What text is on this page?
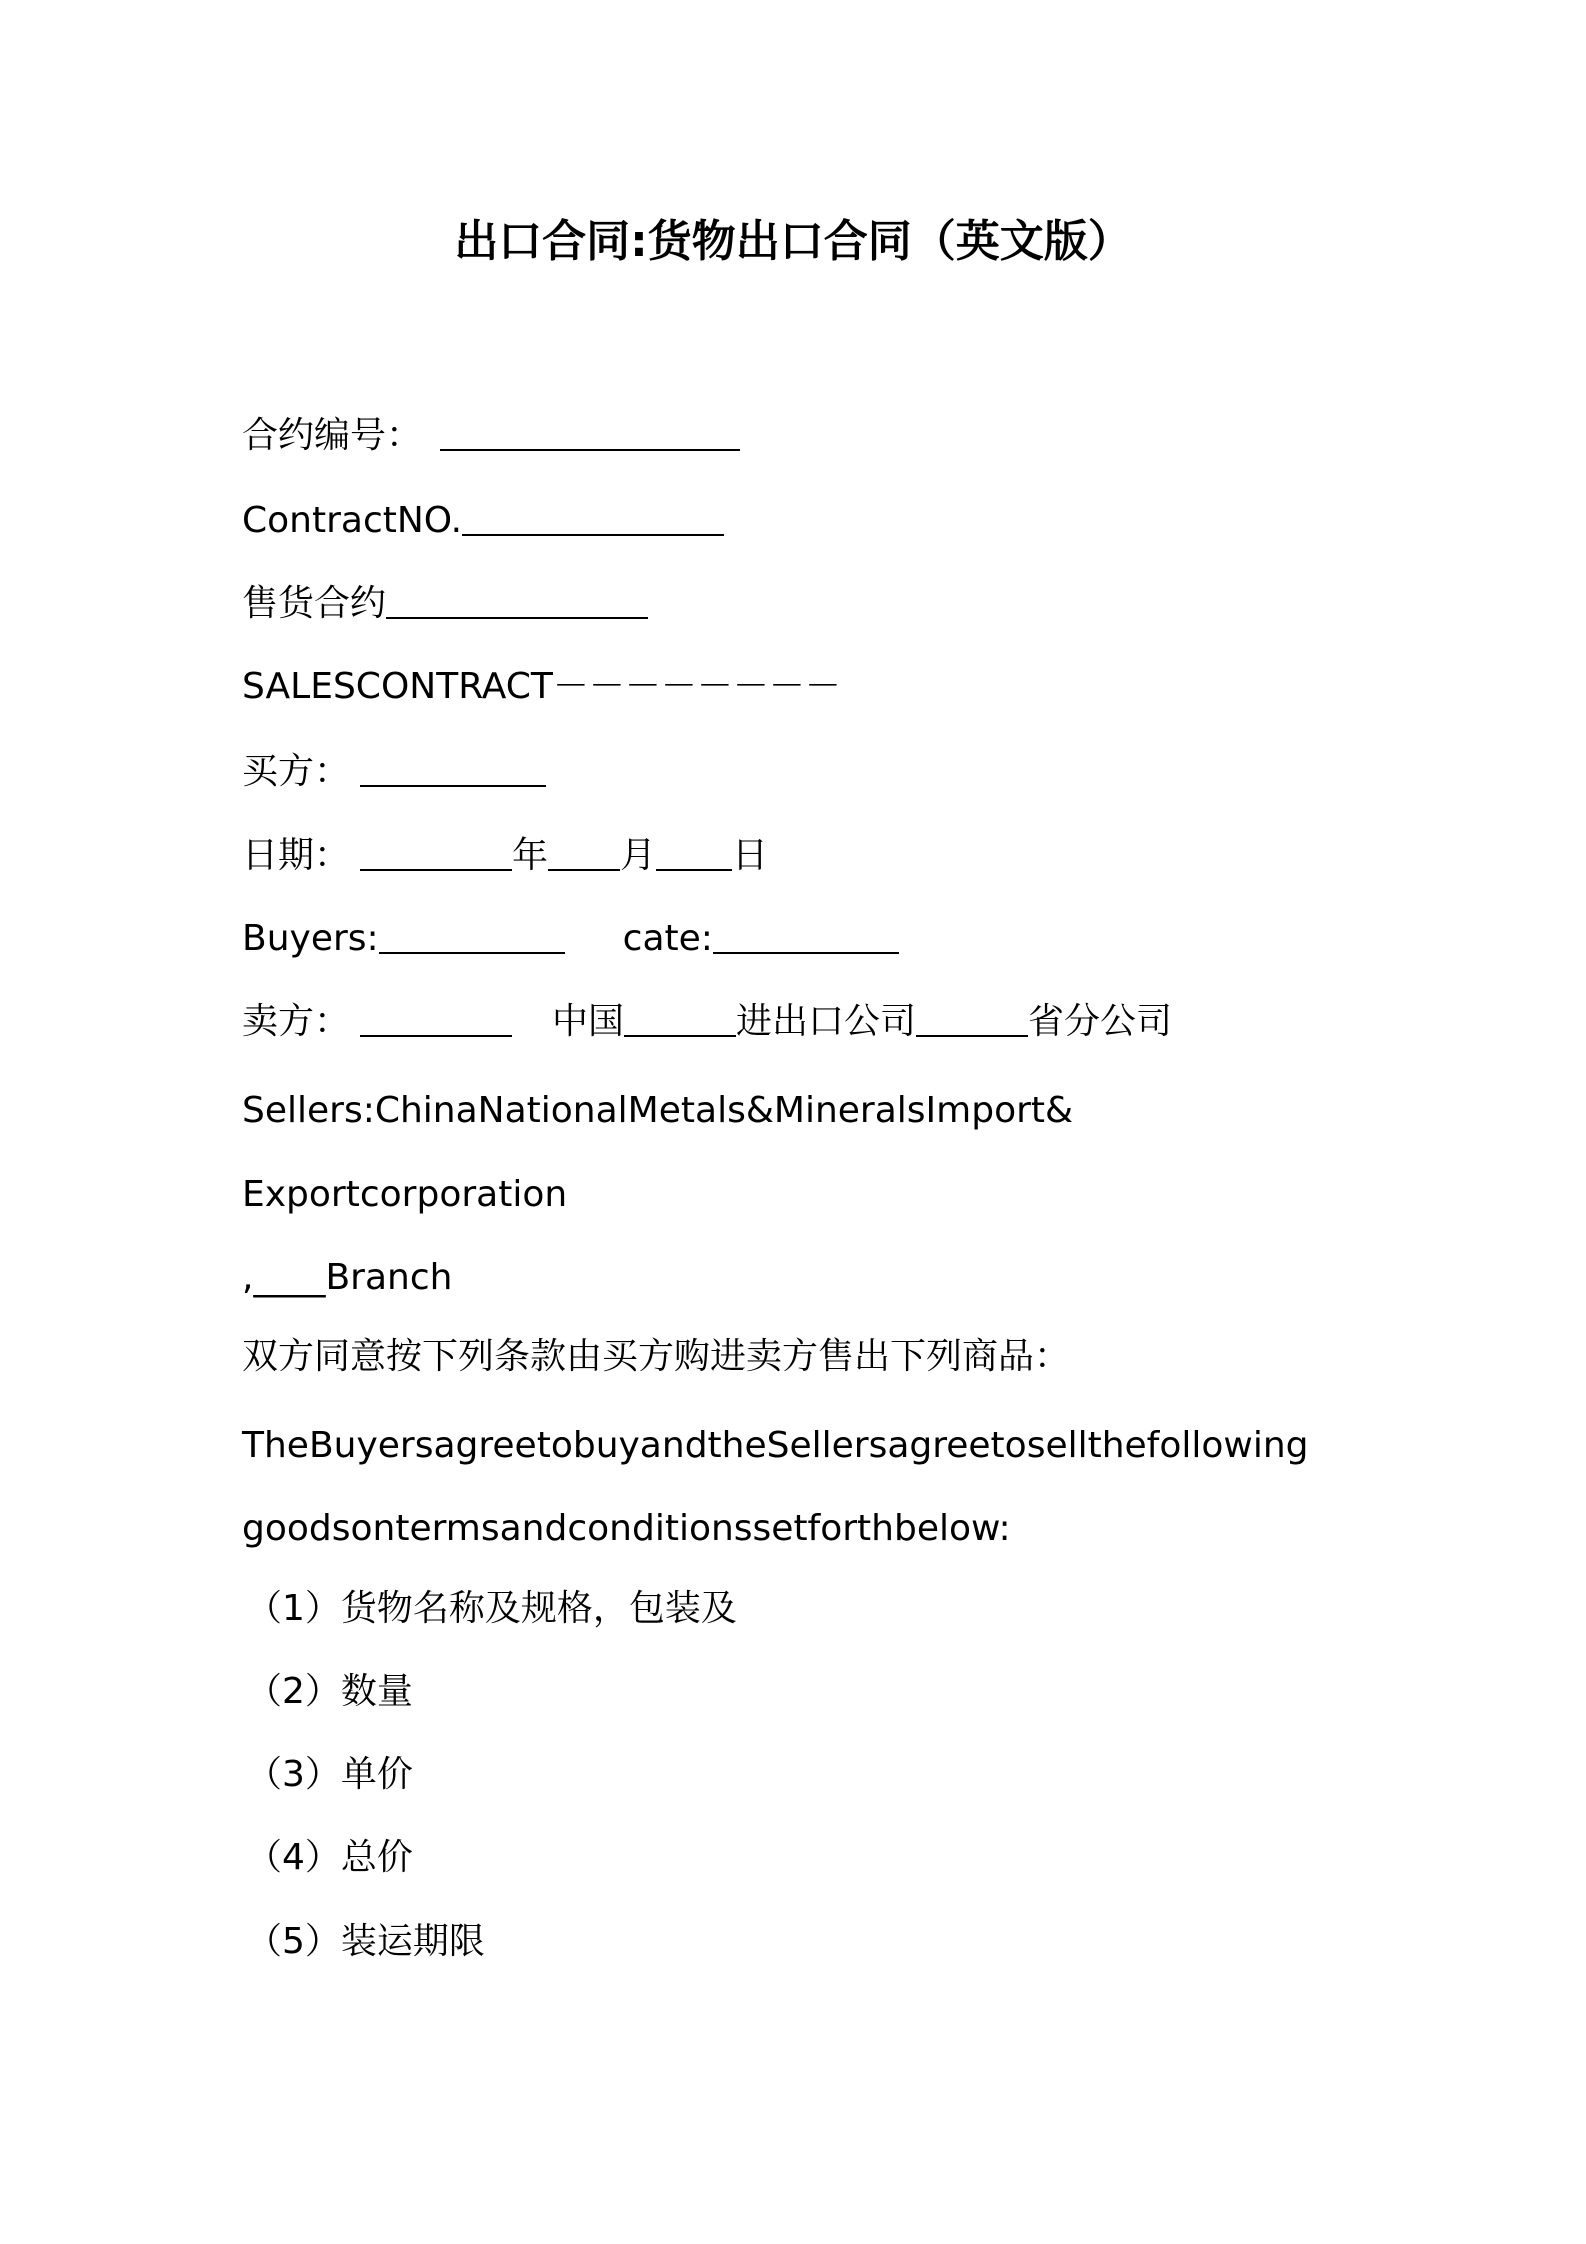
出口合同:货物出口合同（英文版）
合约编号：
ContractNO.
售货合约
SALESCONTRACT－－－－－－－－
买方：
日期：	年 月 日
Buyers:	cate:
卖方：	中国	进出口公司	省分公司
Sellers:ChinaNationalMetals&MineralsImport&
Exportcorporation
,____Branch
双方同意按下列条款由买方购进卖方售出下列商品：
TheBuyersagreetobuyandtheSellersagreetosellthefollowing
goodsontermsandconditionssetforthbelow:
（1）货物名称及规格，包装及
（2）数量
（3）单价
（4）总价
（5）装运期限
